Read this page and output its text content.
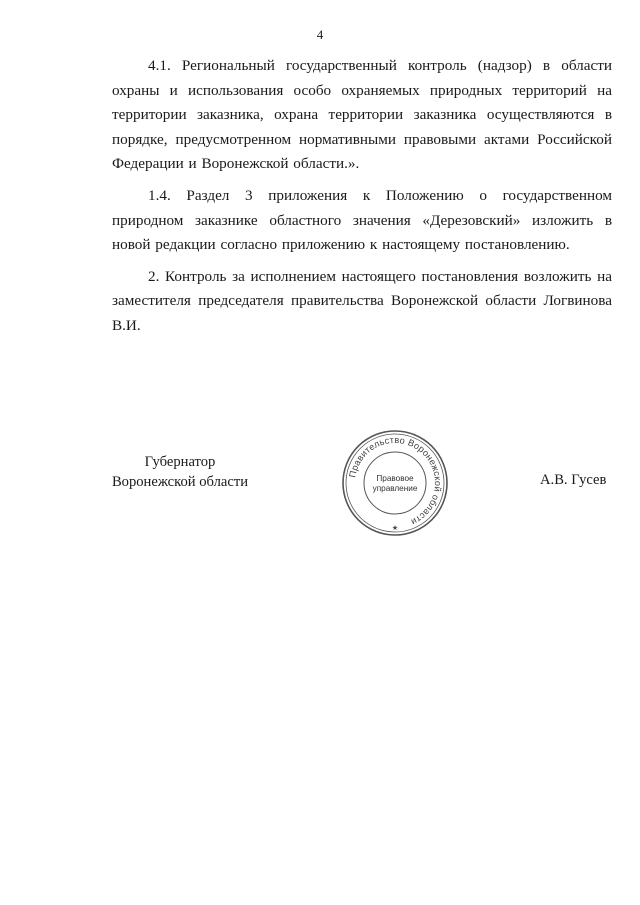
4

4.1. Региональный государственный контроль (надзор) в области охраны и использования особо охраняемых природных территорий на территории заказника, охрана территории заказника осуществляются в порядке, предусмотренном нормативными правовыми актами Российской Федерации и Воронежской области.».

1.4. Раздел 3 приложения к Положению о государственном природном заказнике областного значения «Дерезовский» изложить в новой редакции согласно приложению к настоящему постановлению.

2. Контроль за исполнением настоящего постановления возложить на заместителя председателя правительства Воронежской области Логвинова В.И.

Губернатор
Воронежской области	Правительство Воронежской области
Правовое
управление
★
А.В. Гусев
